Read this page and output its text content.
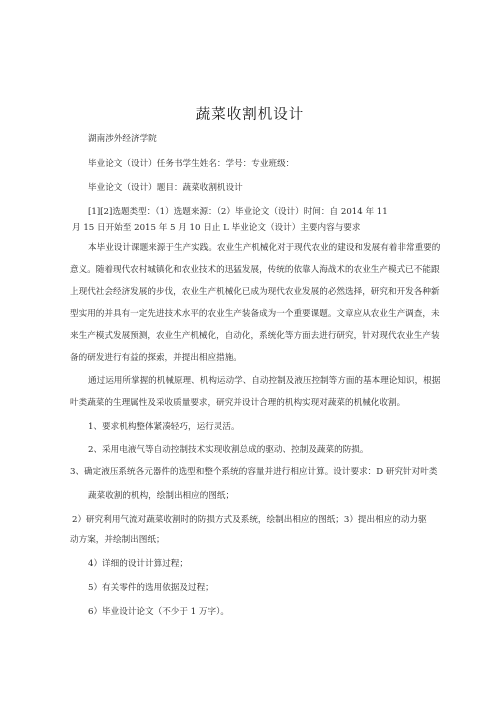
蔬菜收割机设计
湖南涉外经济学院
毕业论文（设计）任务书学生姓名：学号：专业班级：
毕业论文（设计）题目：蔬菜收割机设计
[1][2]选题类型：（1）选题来源：（2）毕业论文（设计）时间：自 2014 年 11
月 15 日开始至 2015 年 5 月 10 日止 L 毕业论文（设计）主要内容与要求
本毕业设计课题来源于生产实践。农业生产机械化对于现代农业的建设和发展有着非常重要的
意义。随着现代农村城镇化和农业技术的迅猛发展，传统的依靠人海战术的农业生产模式已不能跟
上现代社会经济发展的步伐，农业生产机械化已成为现代农业发展的必然选择，研究和开发各种新
型实用的并具有一定先进技术水平的农业生产装备成为一个重要课题。文章应从农业生产调查，未
来生产模式发展预测，农业生产机械化，自动化，系统化等方面去进行研究，针对现代农业生产装
备的研发进行有益的探索，并提出相应措施。
通过运用所掌握的机械原理、机构运动学、自动控制及液压控制等方面的基本理论知识，根据
叶类蔬菜的生理属性及采收质量要求，研究并设计合理的机构实现对蔬菜的机械化收割。
1、要求机构整体紧凑轻巧，运行灵活。
2、采用电液气等自动控制技术实现收割总成的驱动、控制及蔬菜的防损。
3、确定液压系统各元器件的选型和整个系统的容量并进行相应计算。设计要求：D 研究针对叶类
蔬菜收割的机构，绘制出相应的图纸；
2）研究利用气流对蔬菜收割时的防损方式及系统，绘制出相应的图纸；3）提出相应的动力驱
动方案，并绘制出图纸；
4）详细的设计计算过程；
5）有关零件的选用依据及过程；
6）毕业设计论文（不少于 1 万字）。
